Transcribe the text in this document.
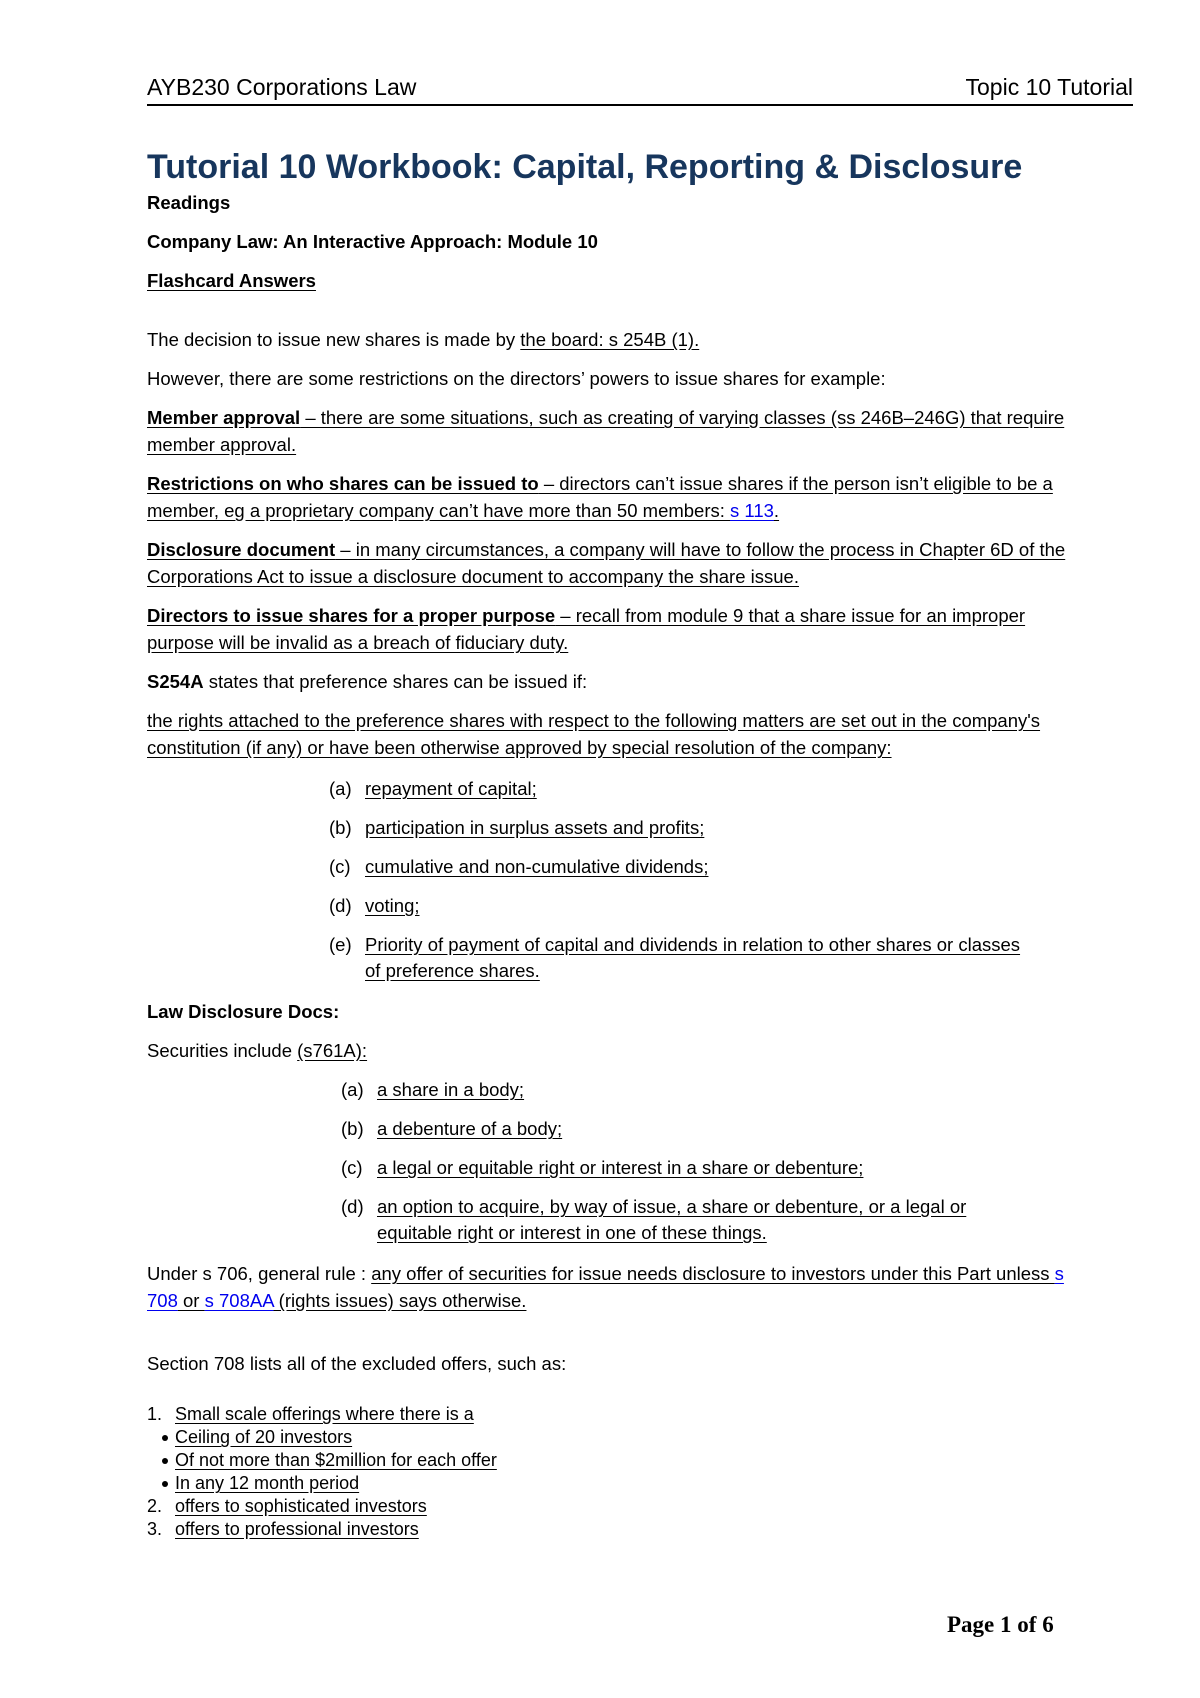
AYB230 Corporations Law	Topic 10 Tutorial
Tutorial 10 Workbook: Capital, Reporting & Disclosure

Readings

Company Law: An Interactive Approach: Module 10

Flashcard Answers

The decision to issue new shares is made by the board: s 254B (1).

However, there are some restrictions on the directors’ powers to issue shares for example:

Member approval – there are some situations, such as creating of varying classes (ss 246B–246G) that require member approval.

Restrictions on who shares can be issued to – directors can’t issue shares if the person isn’t eligible to be a member, eg a proprietary company can’t have more than 50 members: s 113.

Disclosure document – in many circumstances, a company will have to follow the process in Chapter 6D of the Corporations Act to issue a disclosure document to accompany the share issue.

Directors to issue shares for a proper purpose – recall from module 9 that a share issue for an improper purpose will be invalid as a breach of fiduciary duty.

S254A states that preference shares can be issued if:

the rights attached to the preference shares with respect to the following matters are set out in the company's constitution (if any) or have been otherwise approved by special resolution of the company:

(a) repayment of capital;
(b) participation in surplus assets and profits;
(c) cumulative and non-cumulative dividends;
(d) voting;
(e) Priority of payment of capital and dividends in relation to other shares or classes of preference shares.

Law Disclosure Docs:

Securities include (s761A):

(a) a share in a body;
(b) a debenture of a body;
(c) a legal or equitable right or interest in a share or debenture;
(d) an option to acquire, by way of issue, a share or debenture, or a legal or equitable right or interest in one of these things.

Under s 706, general rule : any offer of securities for issue needs disclosure to investors under this Part unless s 708 or s 708AA (rights issues) says otherwise.

Section 708 lists all of the excluded offers, such as:

1. Small scale offerings where there is a
Ceiling of 20 investors
Of not more than $2million for each offer
In any 12 month period
2. offers to sophisticated investors
3. offers to professional investors
Page 1 of 6
